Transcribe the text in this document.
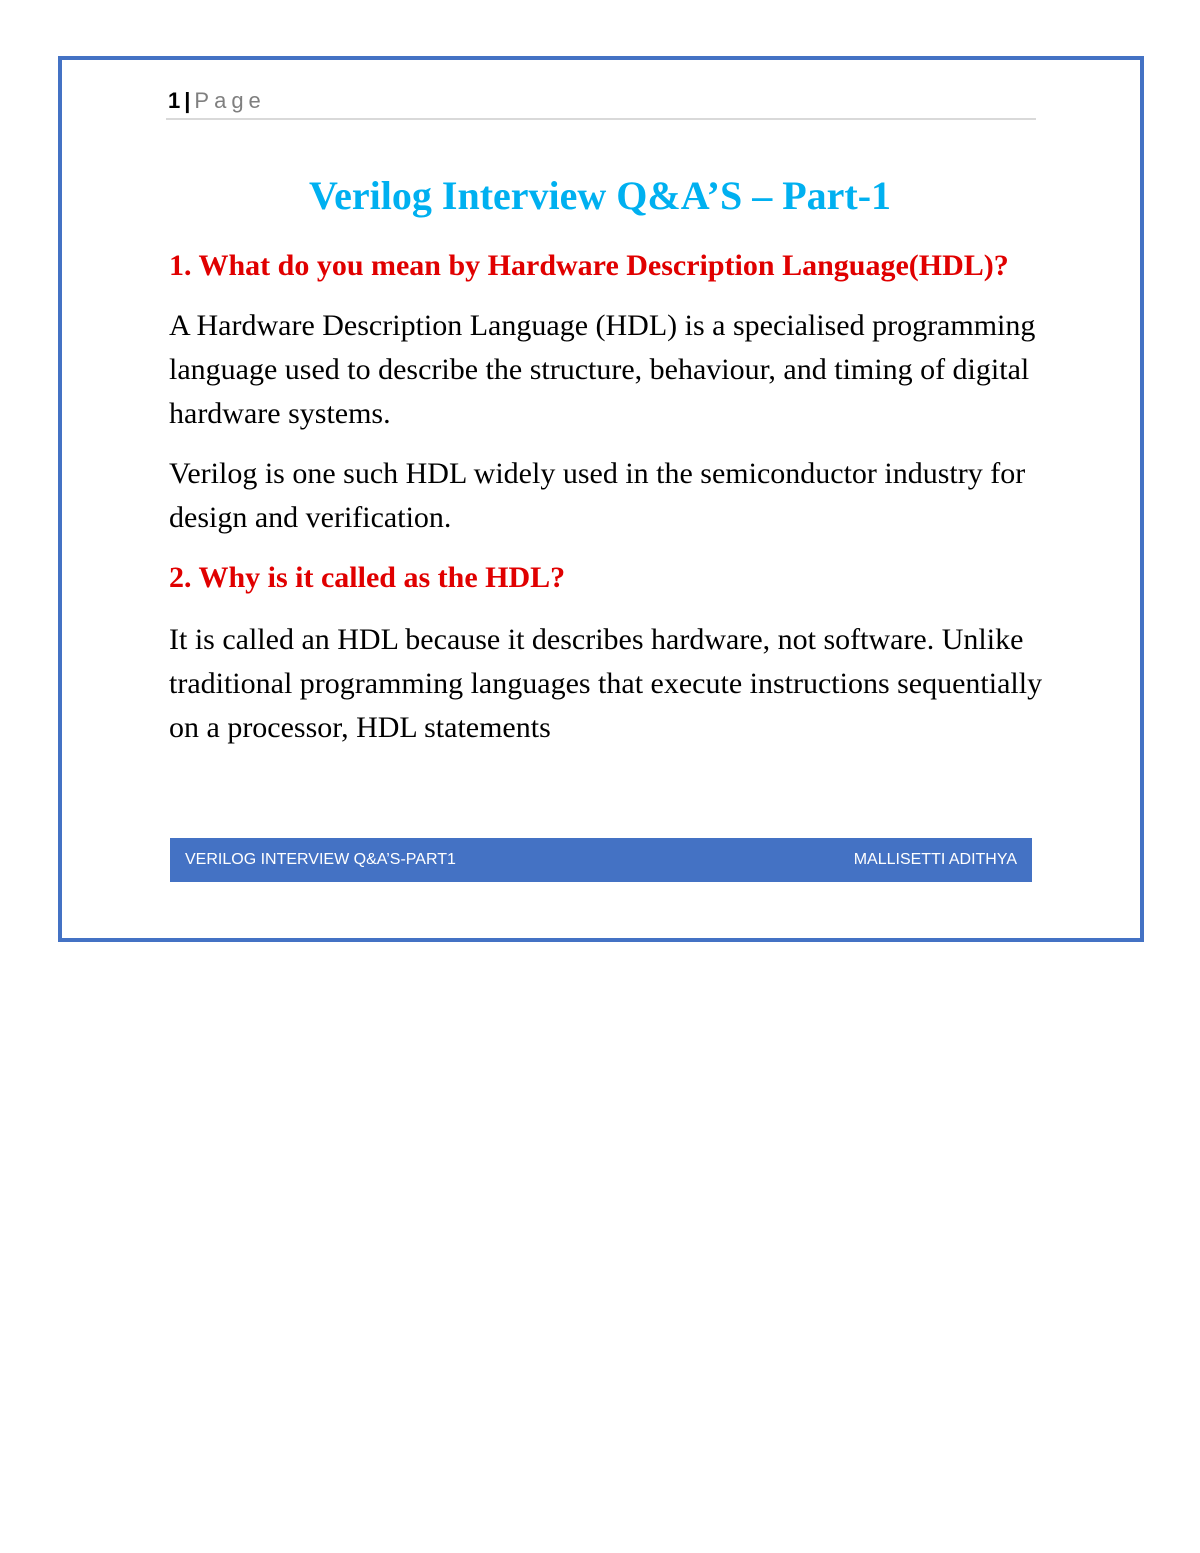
1 | Page
Verilog Interview Q&A’S – Part-1

1. What do you mean by Hardware Description Language(HDL)?

A Hardware Description Language (HDL) is a specialised programming language used to describe the structure, behaviour, and timing of digital hardware systems.

Verilog is one such HDL widely used in the semiconductor industry for design and verification.

2. Why is it called as the HDL?

It is called an HDL because it describes hardware, not software. Unlike traditional programming languages that execute instructions sequentially on a processor, HDL statements

VERILOG INTERVIEW Q&A’S-PART1	MALLISETTI ADITHYA
